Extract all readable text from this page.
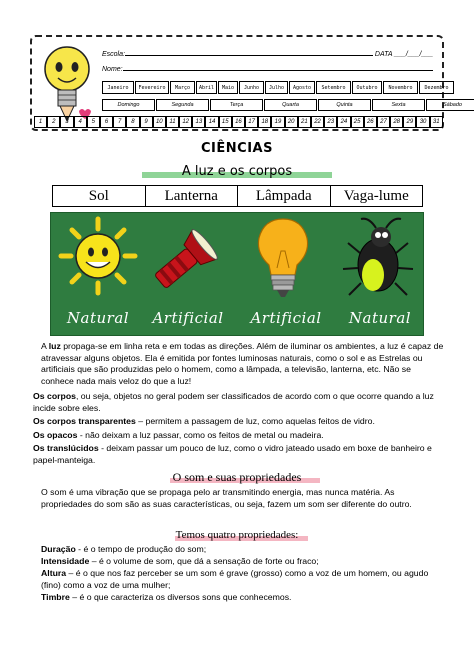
Escola:	DATA ___/___/___
Nome:
Janeiro	Fevereiro	Março	Abril	Maio	Junho	Julho	Agosto	Setembro	Outubro	Novembro	Dezembro
Domingo	Segunda	Terça	Quarta	Quinta	Sexta	Sábado
1	2	3	4	5	6	7	8	9	10	11	12	13	14	15	16	17	18	19	20	21	22	23	24	25	26	27	28	29	30	31
CIÊNCIAS
A luz e os corpos
Sol	Lanterna	Lâmpada	Vaga-lume
Natural	Artificial	Artificial	Natural
A luz propaga-se em linha reta e em todas as direções. Além de iluminar os ambientes, a luz é capaz de atravessar alguns objetos. Ela é emitida por fontes luminosas naturais, como o sol e as Estrelas ou artificiais que são produzidas pelo o homem, como a lâmpada, a televisão, lanterna, etc. Não se conhece nada mais veloz do que a luz!
Os corpos, ou seja, objetos no geral podem ser classificados de acordo com o que ocorre quando a luz incide sobre eles.
Os corpos transparentes – permitem a passagem de luz, como aquelas feitos de vidro.
Os opacos - não deixam a luz passar, como os feitos de metal ou madeira.
Os translúcidos - deixam passar um pouco de luz, como o vidro jateado usado em boxe de banheiro e papel-manteiga.
O som e suas propriedades
O som é uma vibração que se propaga pelo ar transmitindo energia, mas nunca matéria. As propriedades do som são as suas características, ou seja, fazem um som ser diferente do outro.
Temos quatro propriedades:
Duração - é o tempo de produção do som;
Intensidade – é o volume de som, que dá a sensação de forte ou fraco;
Altura – é o que nos faz perceber se um som é grave (grosso) como a voz de um homem, ou agudo (fino) como a voz de uma mulher;
Timbre – é o que caracteriza os diversos sons que conhecemos.
